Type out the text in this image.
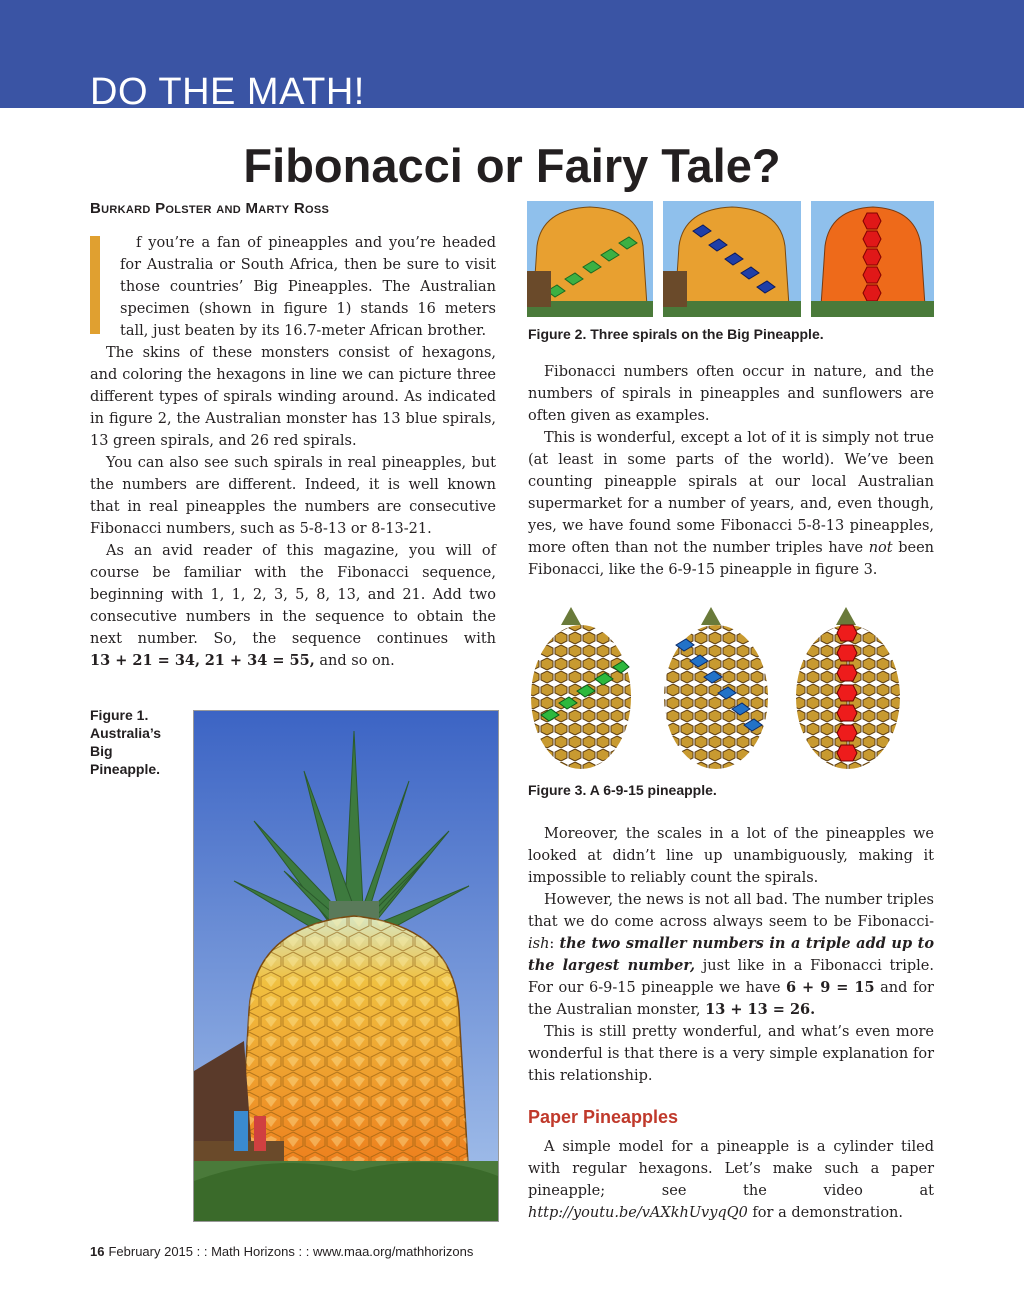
DO THE MATH!
Fibonacci or Fairy Tale?
Burkard Polster and Marty Ross

f you’re a fan of pineapples and you’re headed for Australia or South Africa, then be sure to visit those countries’ Big Pineapples. The Australian specimen (shown in figure 1) stands 16 meters tall, just beaten by its 16.7-meter African brother.

The skins of these monsters consist of hexagons, and coloring the hexagons in line we can picture three different types of spirals winding around. As indicated in figure 2, the Australian monster has 13 blue spirals, 13 green spirals, and 26 red spirals.

You can also see such spirals in real pineapples, but the numbers are different. Indeed, it is well known that in real pineapples the numbers are consecutive Fibonacci numbers, such as 5-8-13 or 8-13-21.

As an avid reader of this magazine, you will of course be familiar with the Fibonacci sequence, beginning with 1, 1, 2, 3, 5, 8, 13, and 21. Add two consecutive numbers in the sequence to obtain the next number. So, the sequence continues with 13 + 21 = 34, 21 + 34 = 55, and so on.

Figure 1. Australia’s Big Pineapple.

Figure 2. Three spirals on the Big Pineapple.

Fibonacci numbers often occur in nature, and the numbers of spirals in pineapples and sunflowers are often given as examples.

This is wonderful, except a lot of it is simply not true (at least in some parts of the world). We’ve been counting pineapple spirals at our local Australian supermarket for a number of years, and, even though, yes, we have found some Fibonacci 5-8-13 pineapples, more often than not the number triples have not been Fibonacci, like the 6-9-15 pineapple in figure 3.

Figure 3. A 6-9-15 pineapple.

Moreover, the scales in a lot of the pineapples we looked at didn’t line up unambiguously, making it impossible to reliably count the spirals.

However, the news is not all bad. The number triples that we do come across always seem to be Fibonacci-ish: the two smaller numbers in a triple add up to the largest number, just like in a Fibonacci triple. For our 6-9-15 pineapple we have 6 + 9 = 15 and for the Australian monster, 13 + 13 = 26.

This is still pretty wonderful, and what’s even more wonderful is that there is a very simple explanation for this relationship.

Paper Pineapples

A simple model for a pineapple is a cylinder tiled with regular hexagons. Let’s make such a paper pineapple; see the video at http://youtu.be/vAXkhUvyqQ0 for a demonstration.

16 February 2015 : : Math Horizons : : www.maa.org/mathhorizons
